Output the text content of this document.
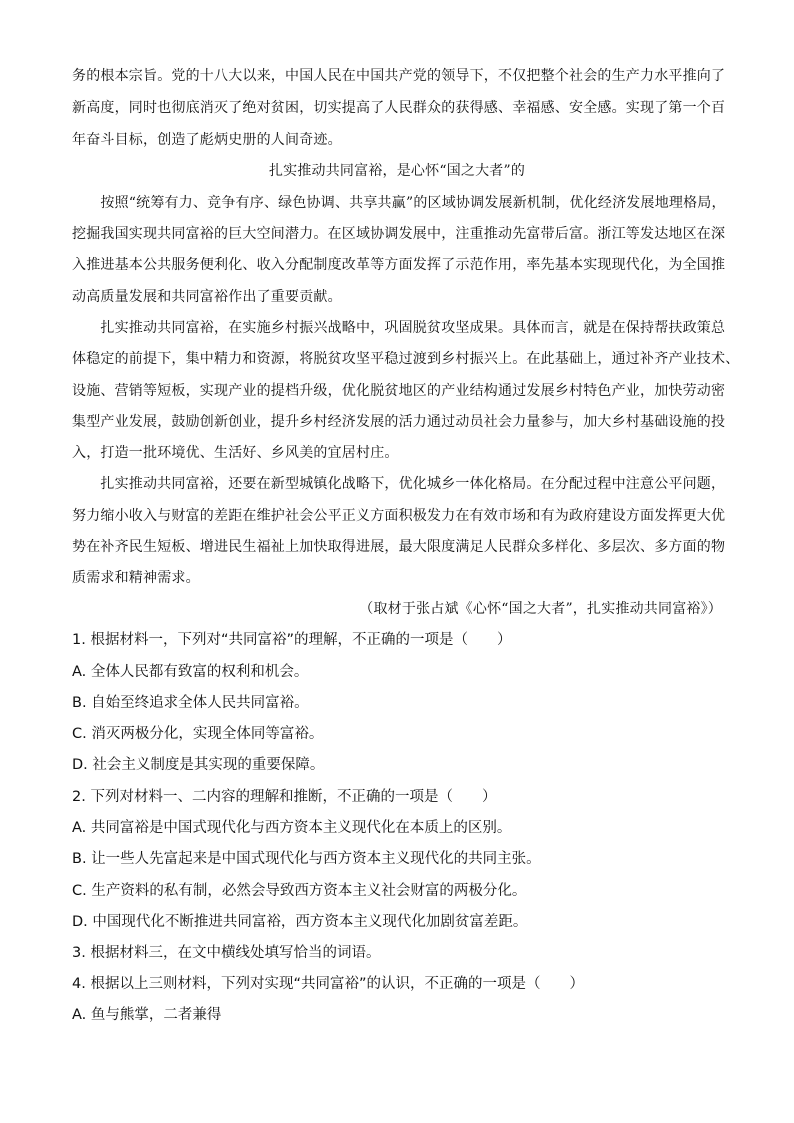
务的根本宗旨。党的十八大以来，中国人民在中国共产党的领导下，不仅把整个社会的生产力水平推向了
新高度，同时也彻底消灭了绝对贫困，切实提高了人民群众的获得感、幸福感、安全感。实现了第一个百
年奋斗目标，创造了彪炳史册的人间奇迹。
扎实推动共同富裕，是心怀“国之大者”的
　　按照“统筹有力、竞争有序、绿色协调、共享共赢”的区域协调发展新机制，优化经济发展地理格局，
挖掘我国实现共同富裕的巨大空间潜力。在区域协调发展中，注重推动先富带后富。浙江等发达地区在深
入推进基本公共服务便利化、收入分配制度改革等方面发挥了示范作用，率先基本实现现代化，为全国推
动高质量发展和共同富裕作出了重要贡献。
　　扎实推动共同富裕，在实施乡村振兴战略中，巩固脱贫攻坚成果。具体而言，就是在保持帮扶政策总
体稳定的前提下，集中精力和资源，将脱贫攻坚平稳过渡到乡村振兴上。在此基础上，通过补齐产业技术、
设施、营销等短板，实现产业的提档升级，优化脱贫地区的产业结构通过发展乡村特色产业，加快劳动密
集型产业发展，鼓励创新创业，提升乡村经济发展的活力通过动员社会力量参与，加大乡村基础设施的投
入，打造一批环境优、生活好、乡风美的宜居村庄。
　　扎实推动共同富裕，还要在新型城镇化战略下，优化城乡一体化格局。在分配过程中注意公平问题，
努力缩小收入与财富的差距在维护社会公平正义方面积极发力在有效市场和有为政府建设方面发挥更大优
势在补齐民生短板、增进民生福祉上加快取得进展，最大限度满足人民群众多样化、多层次、多方面的物
质需求和精神需求。
（取材于张占斌《心怀“国之大者”，扎实推动共同富裕》）
1. 根据材料一，下列对“共同富裕”的理解，不正确的一项是（　　）
A. 全体人民都有致富的权利和机会。
B. 自始至终追求全体人民共同富裕。
C. 消灭两极分化，实现全体同等富裕。
D. 社会主义制度是其实现的重要保障。
2. 下列对材料一、二内容的理解和推断，不正确的一项是（　　）
A. 共同富裕是中国式现代化与西方资本主义现代化在本质上的区别。
B. 让一些人先富起来是中国式现代化与西方资本主义现代化的共同主张。
C. 生产资料的私有制，必然会导致西方资本主义社会财富的两极分化。
D. 中国现代化不断推进共同富裕，西方资本主义现代化加剧贫富差距。
3. 根据材料三，在文中横线处填写恰当的词语。
4. 根据以上三则材料，下列对实现“共同富裕”的认识，不正确的一项是（　　）
A. 鱼与熊掌，二者兼得
